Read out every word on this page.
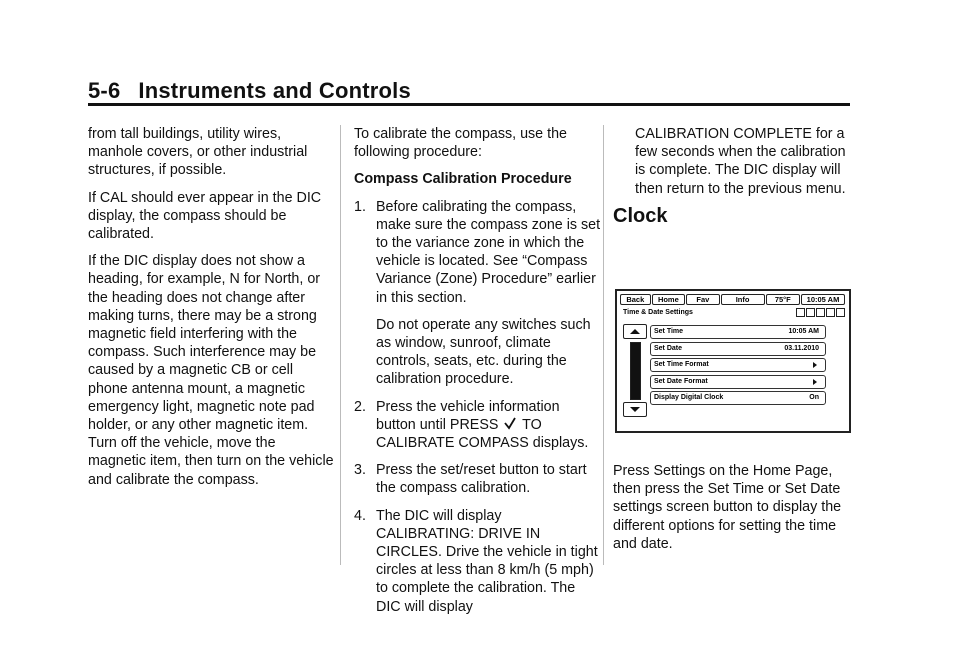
5-6 Instruments and Controls

from tall buildings, utility wires, manhole covers, or other industrial structures, if possible.

If CAL should ever appear in the DIC display, the compass should be calibrated.

If the DIC display does not show a heading, for example, N for North, or the heading does not change after making turns, there may be a strong magnetic field interfering with the compass. Such interference may be caused by a magnetic CB or cell phone antenna mount, a magnetic emergency light, magnetic note pad holder, or any other magnetic item. Turn off the vehicle, move the magnetic item, then turn on the vehicle and calibrate the compass.

To calibrate the compass, use the following procedure:

Compass Calibration Procedure

1. Before calibrating the compass, make sure the compass zone is set to the variance zone in which the vehicle is located. See “Compass Variance (Zone) Procedure” earlier in this section.
Do not operate any switches such as window, sunroof, climate controls, seats, etc. during the calibration procedure.
2. Press the vehicle information button until PRESS TO CALIBRATE COMPASS displays.
3. Press the set/reset button to start the compass calibration.
4. The DIC will display CALIBRATING: DRIVE IN CIRCLES. Drive the vehicle in tight circles at less than 8 km/h (5 mph) to complete the calibration. The DIC will display

CALIBRATION COMPLETE for a few seconds when the calibration is complete. The DIC display will then return to the previous menu.

Clock

Back	Home	Fav	Info	75°F	10:05 AM
Time & Date Settings
Set Time	10:05 AM
Set Date	03.11.2010
Set Time Format
Set Date Format
Display Digital Clock	On

Press Settings on the Home Page, then press the Set Time or Set Date settings screen button to display the different options for setting the time and date.
